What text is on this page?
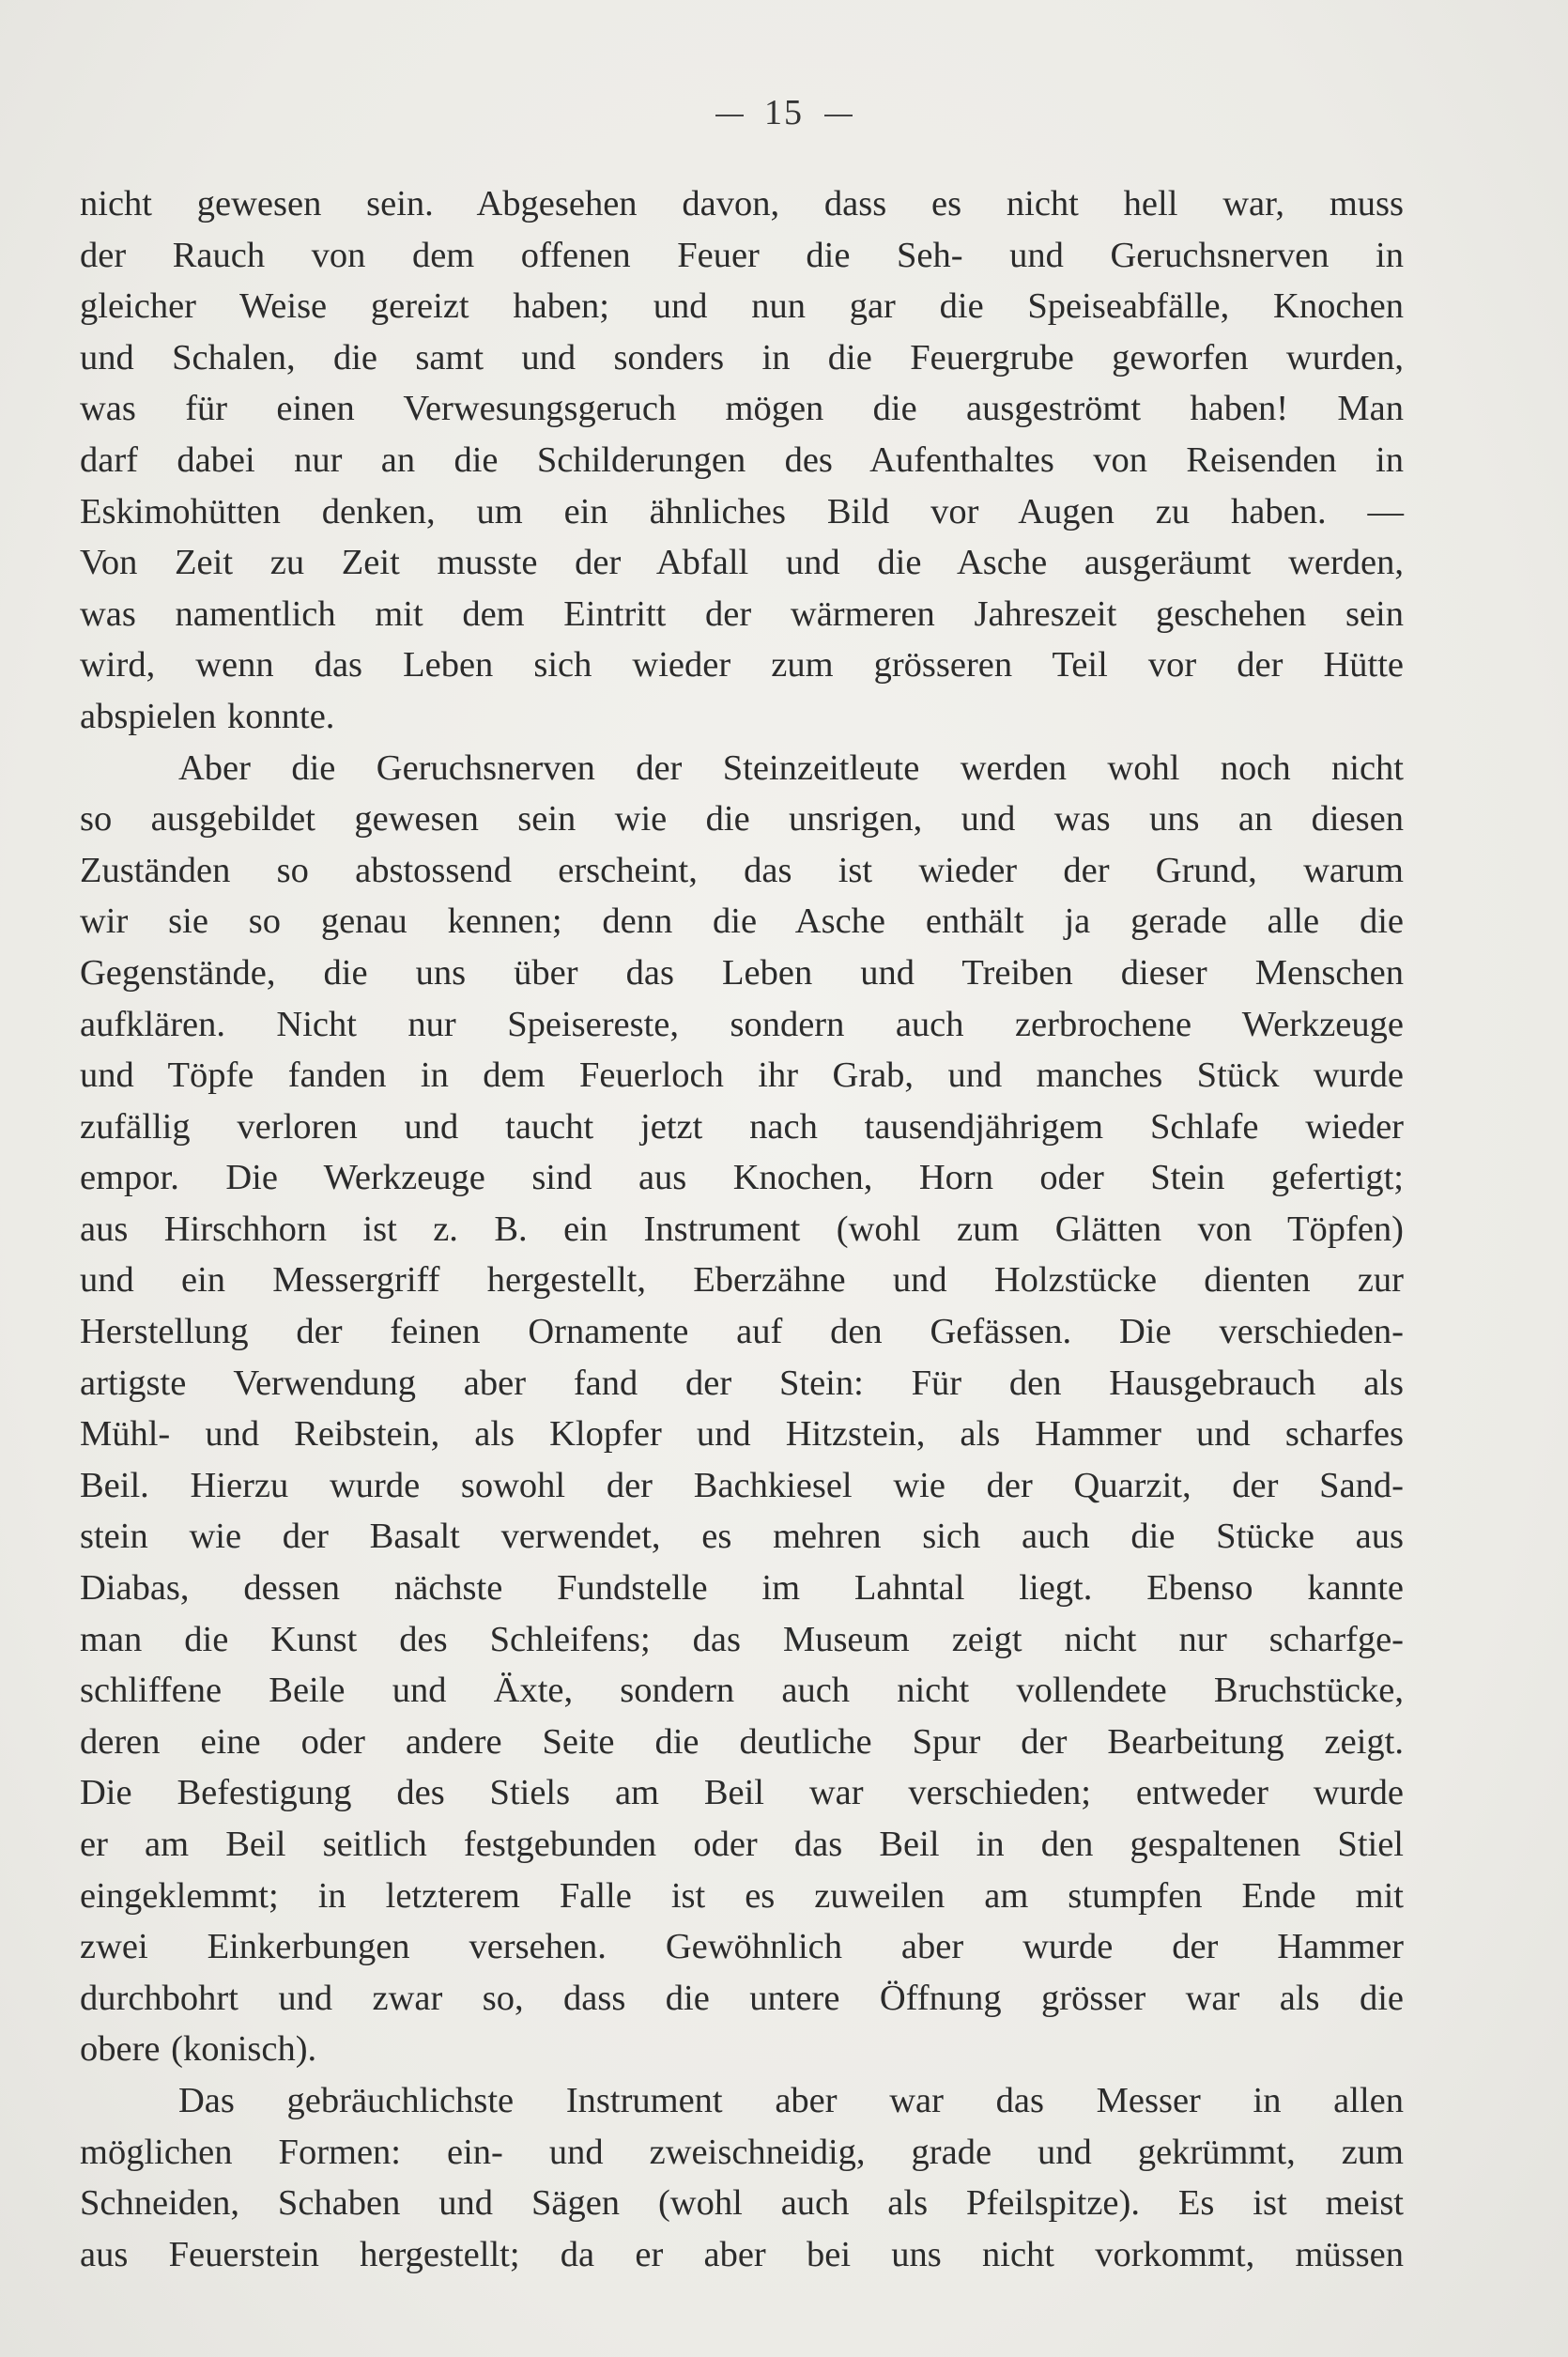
15
nicht gewesen sein. Abgesehen davon, dass es nicht hell war, muss
der Rauch von dem offenen Feuer die Seh- und Geruchsnerven in
gleicher Weise gereizt haben; und nun gar die Speiseabfälle, Knochen
und Schalen, die samt und sonders in die Feuergrube geworfen wurden,
was für einen Verwesungsgeruch mögen die ausgeströmt haben! Man
darf dabei nur an die Schilderungen des Aufenthaltes von Reisenden in
Eskimohütten denken, um ein ähnliches Bild vor Augen zu haben. —
Von Zeit zu Zeit musste der Abfall und die Asche ausgeräumt werden,
was namentlich mit dem Eintritt der wärmeren Jahreszeit geschehen sein
wird, wenn das Leben sich wieder zum grösseren Teil vor der Hütte
abspielen konnte.
Aber die Geruchsnerven der Steinzeitleute werden wohl noch nicht
so ausgebildet gewesen sein wie die unsrigen, und was uns an diesen
Zuständen so abstossend erscheint, das ist wieder der Grund, warum
wir sie so genau kennen; denn die Asche enthält ja gerade alle die
Gegenstände, die uns über das Leben und Treiben dieser Menschen
aufklären. Nicht nur Speisereste, sondern auch zerbrochene Werkzeuge
und Töpfe fanden in dem Feuerloch ihr Grab, und manches Stück wurde
zufällig verloren und taucht jetzt nach tausendjährigem Schlafe wieder
empor. Die Werkzeuge sind aus Knochen, Horn oder Stein gefertigt;
aus Hirschhorn ist z. B. ein Instrument (wohl zum Glätten von Töpfen)
und ein Messergriff hergestellt, Eberzähne und Holzstücke dienten zur
Herstellung der feinen Ornamente auf den Gefässen. Die verschieden-
artigste Verwendung aber fand der Stein: Für den Hausgebrauch als
Mühl- und Reibstein, als Klopfer und Hitzstein, als Hammer und scharfes
Beil. Hierzu wurde sowohl der Bachkiesel wie der Quarzit, der Sand-
stein wie der Basalt verwendet, es mehren sich auch die Stücke aus
Diabas, dessen nächste Fundstelle im Lahntal liegt. Ebenso kannte
man die Kunst des Schleifens; das Museum zeigt nicht nur scharfge-
schliffene Beile und Äxte, sondern auch nicht vollendete Bruchstücke,
deren eine oder andere Seite die deutliche Spur der Bearbeitung zeigt.
Die Befestigung des Stiels am Beil war verschieden; entweder wurde
er am Beil seitlich festgebunden oder das Beil in den gespaltenen Stiel
eingeklemmt; in letzterem Falle ist es zuweilen am stumpfen Ende mit
zwei Einkerbungen versehen. Gewöhnlich aber wurde der Hammer
durchbohrt und zwar so, dass die untere Öffnung grösser war als die
obere (konisch).
Das gebräuchlichste Instrument aber war das Messer in allen
möglichen Formen: ein- und zweischneidig, grade und gekrümmt, zum
Schneiden, Schaben und Sägen (wohl auch als Pfeilspitze). Es ist meist
aus Feuerstein hergestellt; da er aber bei uns nicht vorkommt, müssen
